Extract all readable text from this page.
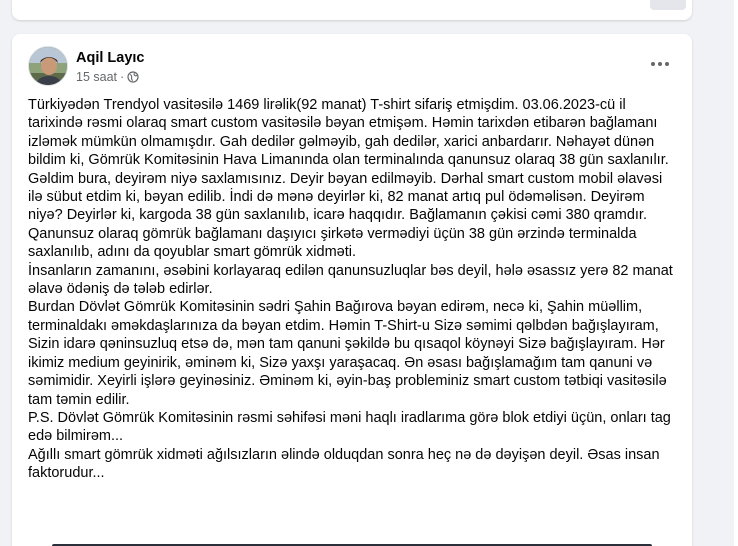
Aqil Layıc
15 saat ·
Türkiyədən Trendyol vasitəsilə 1469 lirəlik(92 manat) T-shirt sifariş etmişdim. 03.06.2023-cü il tarixində rəsmi olaraq smart custom vasitəsilə bəyan etmişəm. Həmin tarixdən etibarən bağlamanı izləmək mümkün olmamışdır. Gah dedilər gəlməyib, gah dedilər, xarici anbardarır. Nəhayət dünən bildim ki, Gömrük Komitəsinin Hava Limanında olan terminalında qanunsuz olaraq 38 gün saxlanılır. Gəldim bura, deyirəm niyə saxlamısınız. Deyir bəyan edilməyib. Dərhal smart custom mobil əlavəsi ilə sübut etdim ki, bəyan edilib. İndi də mənə deyirlər ki, 82 manat artıq pul ödəməlisən. Deyirəm niyə? Deyirlər ki, kargoda 38 gün saxlanılıb, icarə haqqıdır. Bağlamanın çəkisi cəmi 380 qramdır.
Qanunsuz olaraq gömrük bağlamanı daşıyıcı şirkətə vermədiyi üçün 38 gün ərzində terminalda saxlanılıb, adını da qoyublar smart gömrük xidməti.
İnsanların zamanını, əsəbini korlayaraq edilən qanunsuzluqlar bəs deyil, hələ əsassız yerə 82 manat əlavə ödəniş də tələb edirlər.
Burdan Dövlət Gömrük Komitəsinin sədri Şahin Bağırova bəyan edirəm, necə ki, Şahin müəllim, terminaldakı əməkdaşlarınıza da bəyan etdim. Həmin T-Shirt-u Sizə səmimi qəlbdən bağışlayıram, Sizin idarə qəninsuzluq etsə də, mən tam qanuni şəkildə bu qısaqol köynəyi Sizə bağışlayıram. Hər ikimiz medium geyinirik, əminəm ki, Sizə yaxşı yaraşacaq. Ən əsası bağışlamağım tam qanuni və səmimidir. Xeyirli işlərə geyinəsiniz. Əminəm ki, əyin-baş probleminiz smart custom tətbiqi vasitəsilə tam təmin edilir.
P.S. Dövlət Gömrük Komitəsinin rəsmi səhifəsi məni haqlı iradlarıma görə blok etdiyi üçün, onları tag edə bilmirəm...
Ağıllı smart gömrük xidməti ağılsızların əlində olduqdan sonra heç nə də dəyişən deyil. Əsas insan faktorudur...
